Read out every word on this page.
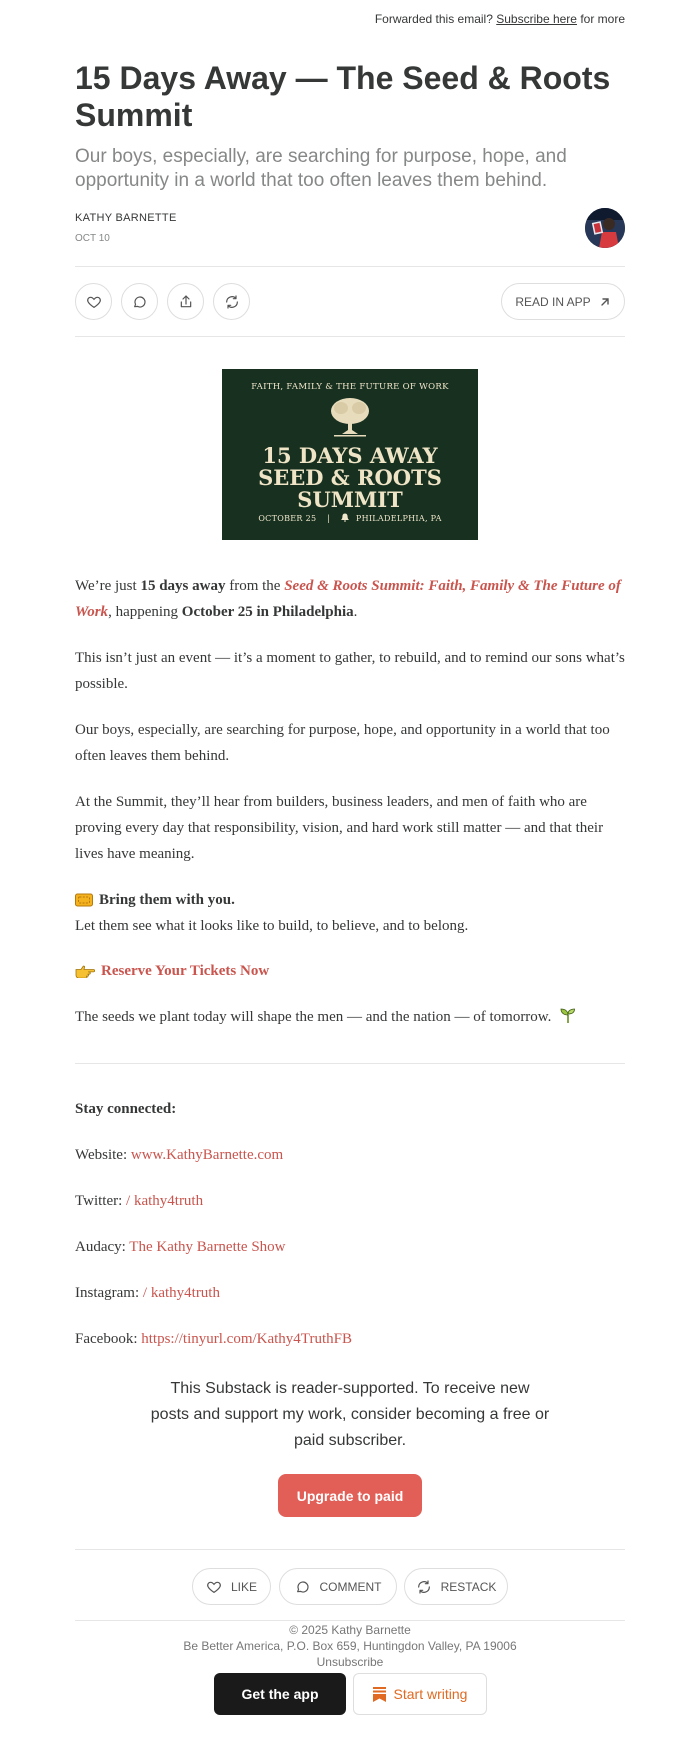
Forwarded this email? Subscribe here for more
15 Days Away — The Seed & Roots Summit
Our boys, especially, are searching for purpose, hope, and opportunity in a world that too often leaves them behind.
KATHY BARNETTE
OCT 10
READ IN APP
FAITH, FAMILY & THE FUTURE OF WORK
15 DAYS AWAY
SEED & ROOTS
SUMMIT
OCTOBER 25 |	PHILADELPHIA, PA

We’re just 15 days away from the Seed & Roots Summit: Faith, Family & The Future of Work, happening October 25 in Philadelphia.

This isn’t just an event — it’s a moment to gather, to rebuild, and to remind our sons what’s possible.

Our boys, especially, are searching for purpose, hope, and opportunity in a world that too often leaves them behind.

At the Summit, they’ll hear from builders, business leaders, and men of faith who are proving every day that responsibility, vision, and hard work still matter — and that their lives have meaning.

Bring them with you.
Let them see what it looks like to build, to believe, and to belong.

Reserve Your Tickets Now

The seeds we plant today will shape the men — and the nation — of tomorrow.

Stay connected:

Website: www.KathyBarnette.com

Twitter: / kathy4truth

Audacy: The Kathy Barnette Show

Instagram: / kathy4truth

Facebook: https://tinyurl.com/Kathy4TruthFB

This Substack is reader-supported. To receive new posts and support my work, consider becoming a free or paid subscriber.
Upgrade to paid
LIKE	COMMENT	RESTACK
© 2025 Kathy Barnette
Be Better America, P.O. Box 659, Huntingdon Valley, PA 19006
Unsubscribe
Get the app	Start writing
